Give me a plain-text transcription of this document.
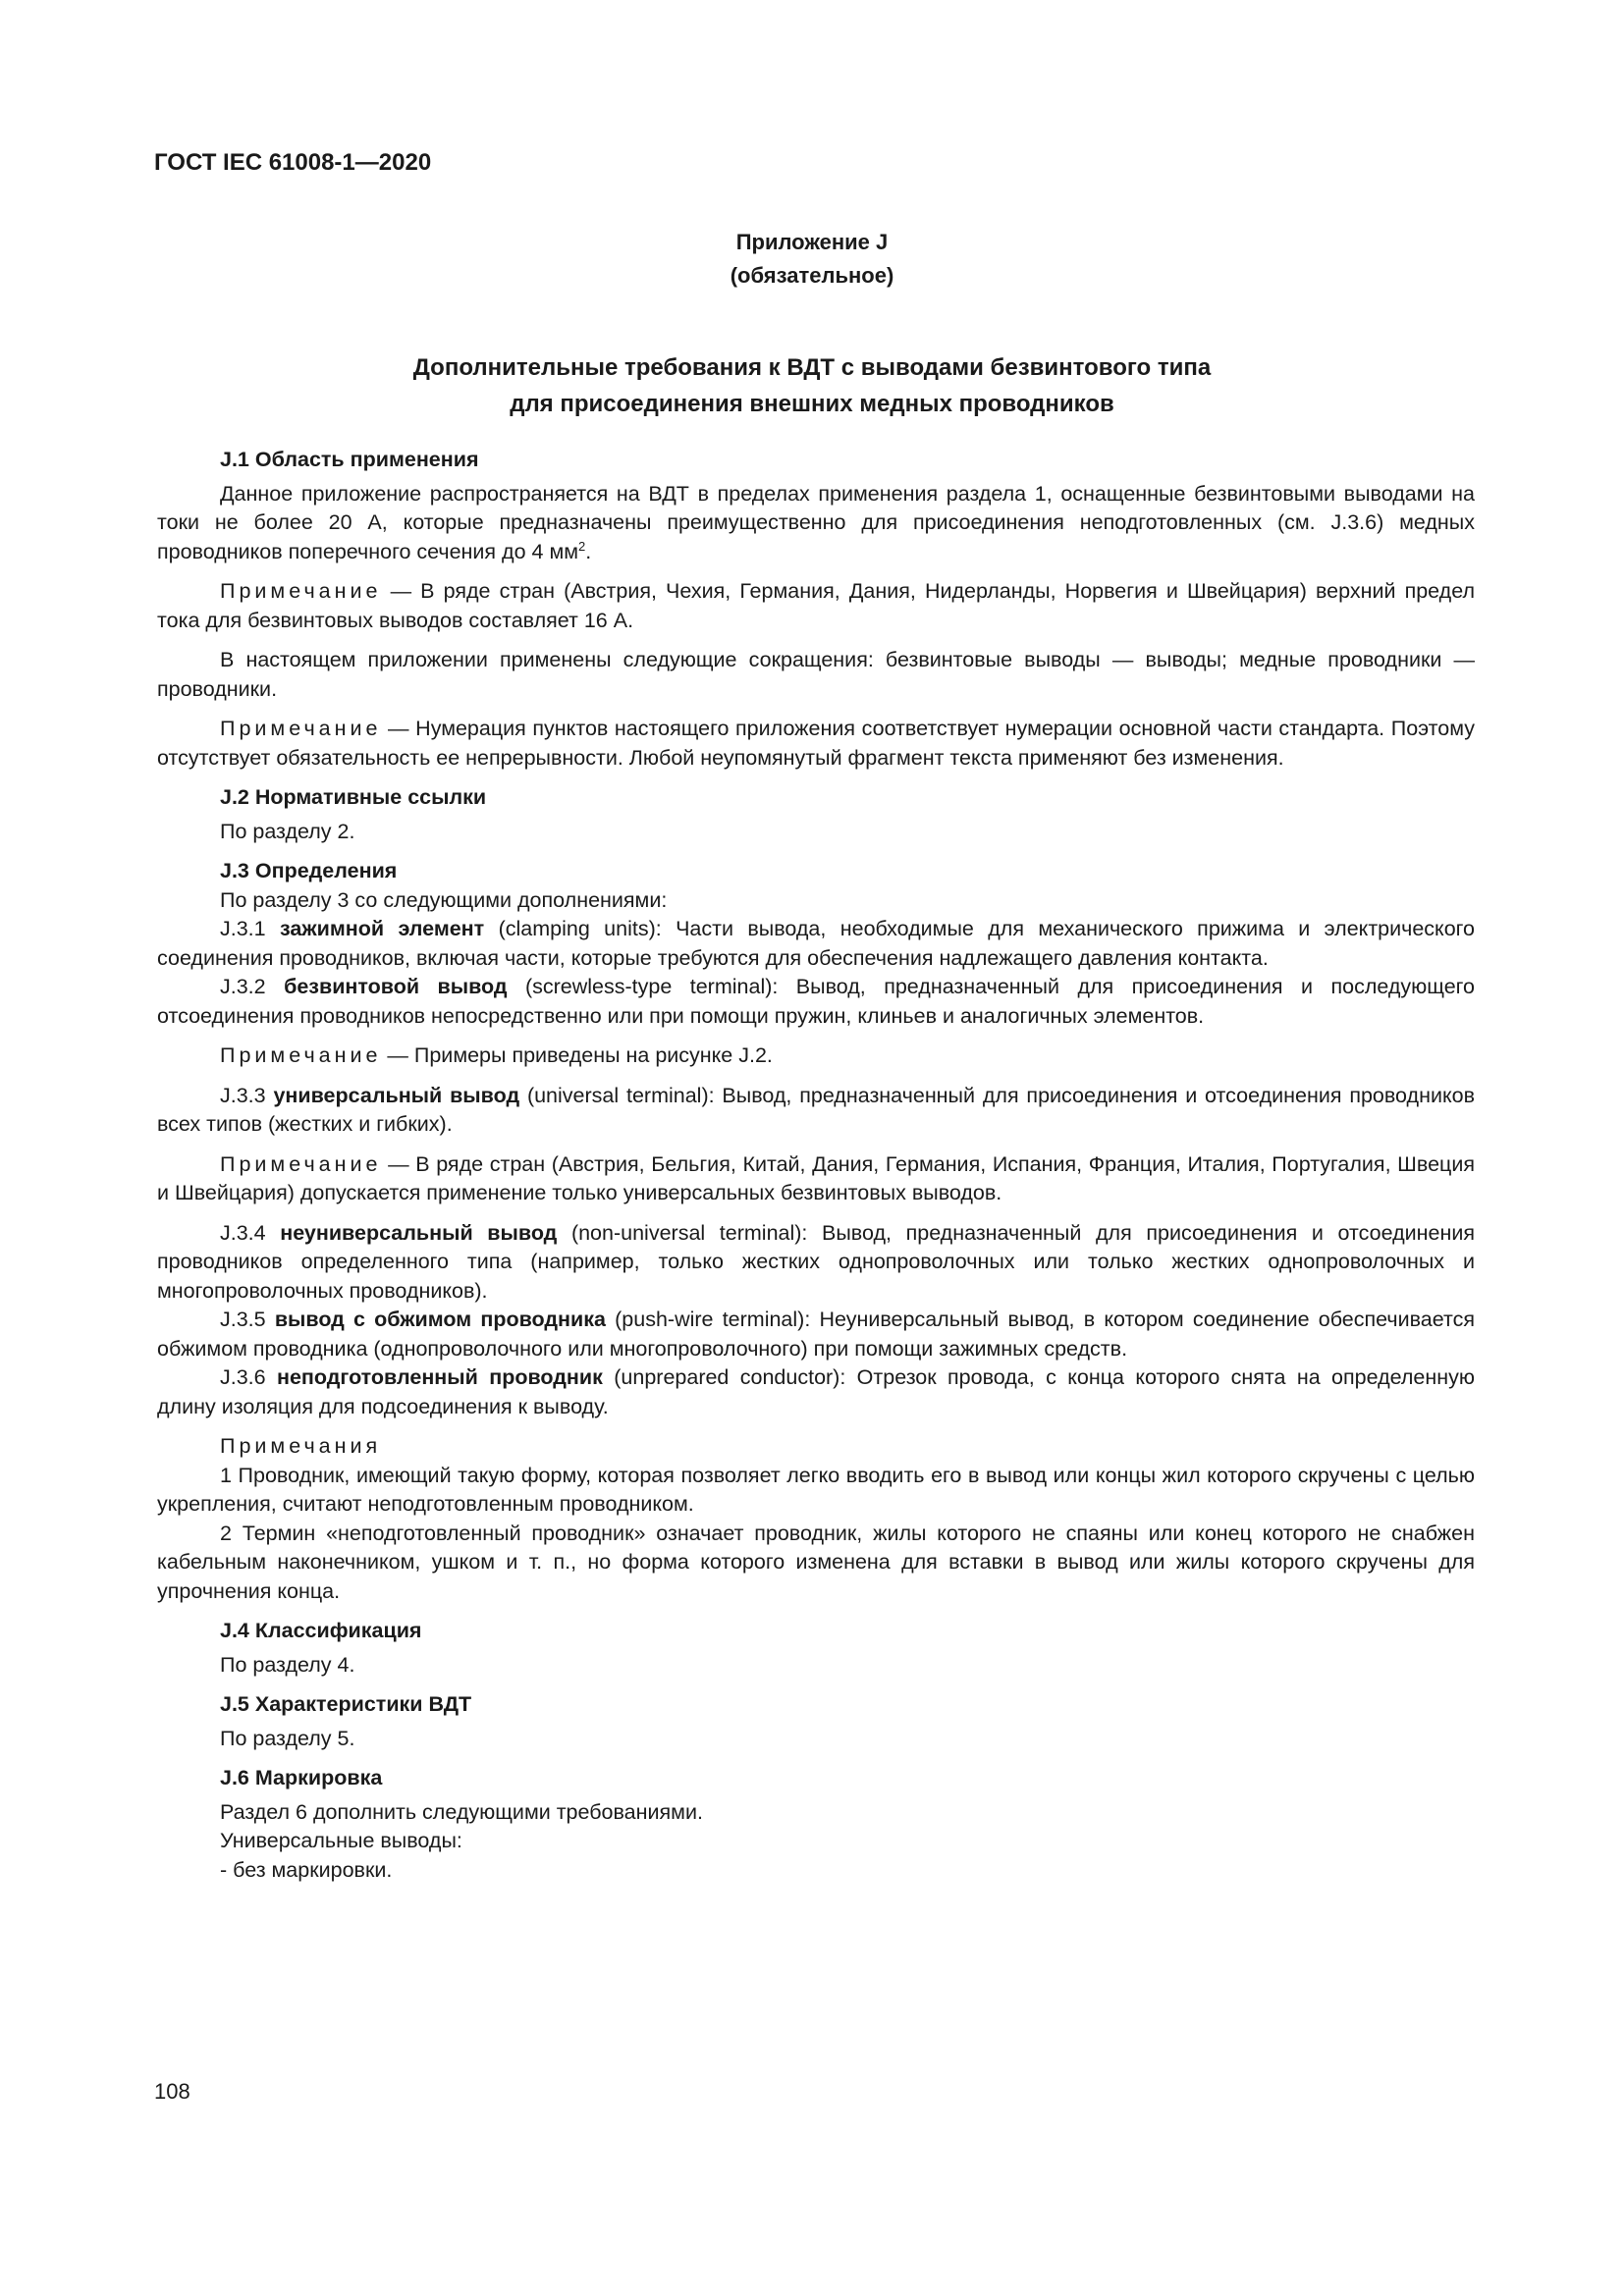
ГОСТ IEC 61008-1—2020
Приложение J
(обязательное)
Дополнительные требования к ВДТ с выводами безвинтового типа
для присоединения внешних медных проводников
J.1 Область применения

Данное приложение распространяется на ВДТ в пределах применения раздела 1, оснащенные безвинтовыми выводами на токи не более 20 А, которые предназначены преимущественно для присоединения неподготовленных (см. J.3.6) медных проводников поперечного сечения до 4 $мм^2$.

Примечание — В ряде стран (Австрия, Чехия, Германия, Дания, Нидерланды, Норвегия и Швейцария) верхний предел тока для безвинтовых выводов составляет 16 А.

В настоящем приложении применены следующие сокращения: безвинтовые выводы — выводы; медные проводники — проводники.

Примечание — Нумерация пунктов настоящего приложения соответствует нумерации основной части стандарта. Поэтому отсутствует обязательность ее непрерывности. Любой неупомянутый фрагмент текста применяют без изменения.

J.2 Нормативные ссылки

По разделу 2.

J.3 Определения

По разделу 3 со следующими дополнениями:

J.3.1 зажимной элемент (clamping units): Части вывода, необходимые для механического прижима и электрического соединения проводников, включая части, которые требуются для обеспечения надлежащего давления контакта.

J.3.2 безвинтовой вывод (screwless-type terminal): Вывод, предназначенный для присоединения и последующего отсоединения проводников непосредственно или при помощи пружин, клиньев и аналогичных элементов.

Примечание — Примеры приведены на рисунке J.2.

J.3.3 универсальный вывод (universal terminal): Вывод, предназначенный для присоединения и отсоединения проводников всех типов (жестких и гибких).

Примечание — В ряде стран (Австрия, Бельгия, Китай, Дания, Германия, Испания, Франция, Италия, Португалия, Швеция и Швейцария) допускается применение только универсальных безвинтовых выводов.

J.3.4 неуниверсальный вывод (non-universal terminal): Вывод, предназначенный для присоединения и отсоединения проводников определенного типа (например, только жестких однопроволочных или только жестких однопроволочных и многопроволочных проводников).

J.3.5 вывод с обжимом проводника (push-wire terminal): Неуниверсальный вывод, в котором соединение обеспечивается обжимом проводника (однопроволочного или многопроволочного) при помощи зажимных средств.

J.3.6 неподготовленный проводник (unprepared conductor): Отрезок провода, с конца которого снята на определенную длину изоляция для подсоединения к выводу.

Примечания

1 Проводник, имеющий такую форму, которая позволяет легко вводить его в вывод или концы жил которого скручены с целью укрепления, считают неподготовленным проводником.

2 Термин «неподготовленный проводник» означает проводник, жилы которого не спаяны или конец которого не снабжен кабельным наконечником, ушком и т. п., но форма которого изменена для вставки в вывод или жилы которого скручены для упрочнения конца.

J.4 Классификация

По разделу 4.

J.5 Характеристики ВДТ

По разделу 5.

J.6 Маркировка

Раздел 6 дополнить следующими требованиями.

Универсальные выводы:

- без маркировки.

108
